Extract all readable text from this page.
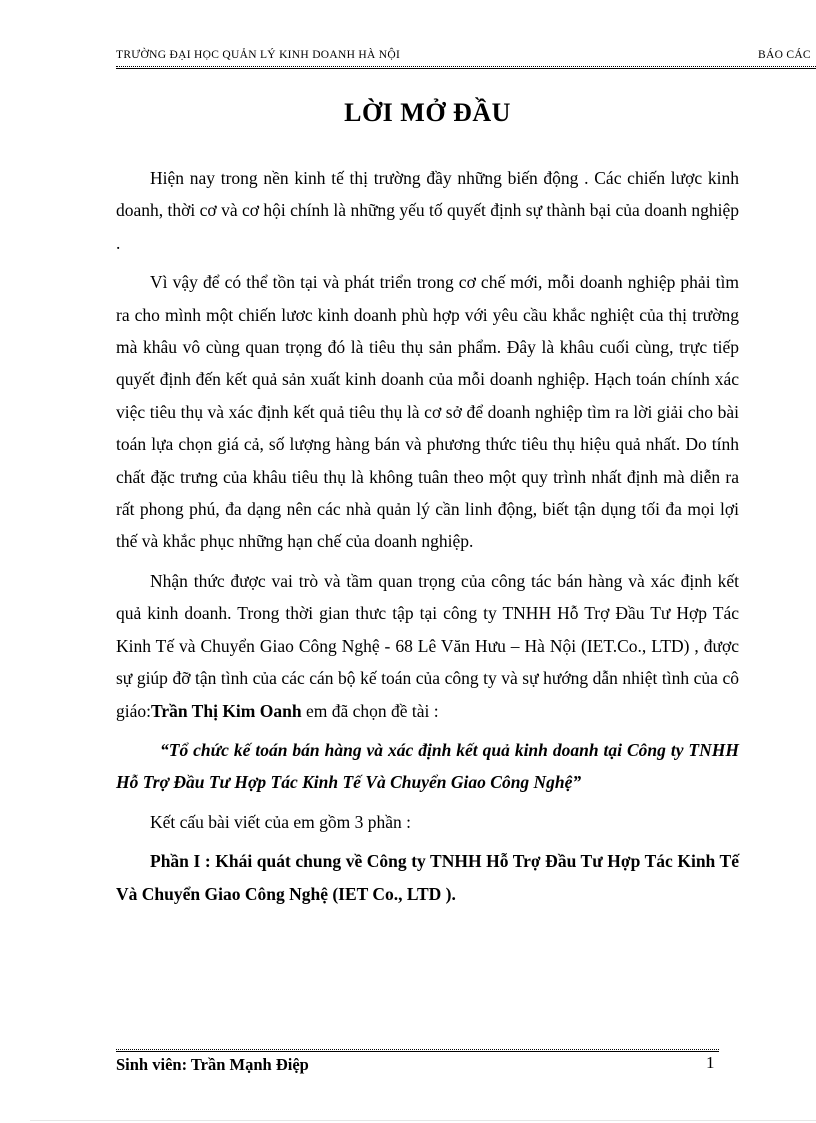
TRƯỜNG ĐẠI HỌC QUẢN LÝ KINH DOANH HÀ NỘI	BÁO CÁC
LỜI MỞ ĐẦU

Hiện nay trong nền kinh tế thị trường đầy những biến động . Các chiến lược kinh doanh, thời cơ và cơ hội chính là những yếu tố quyết định sự thành bại của doanh nghiệp .

Vì vậy để có thể tồn tại và phát triển trong cơ chế mới, mỗi doanh nghiệp phải tìm ra cho mình một chiến lươc kinh doanh phù hợp với yêu cầu khắc nghiệt của thị trường mà khâu vô cùng quan trọng đó là tiêu thụ sản phẩm. Đây là khâu cuối cùng, trực tiếp quyết định đến kết quả sản xuất kinh doanh của mỗi doanh nghiệp. Hạch toán chính xác việc tiêu thụ và xác định kết quả tiêu thụ là cơ sở để doanh nghiệp tìm ra lời giải cho bài toán lựa chọn giá cả, số lượng hàng bán và phương thức tiêu thụ hiệu quả nhất. Do tính chất đặc trưng của khâu tiêu thụ là không tuân theo một quy trình nhất định mà diễn ra rất phong phú, đa dạng nên các nhà quản lý cần linh động, biết tận dụng tối đa mọi lợi thế và khắc phục những hạn chế của doanh nghiệp.

Nhận thức được vai trò và tầm quan trọng của công tác bán hàng và xác định kết quả kinh doanh. Trong thời gian thưc tập tại công ty TNHH Hỗ Trợ Đầu Tư Hợp Tác Kinh Tế và Chuyển Giao Công Nghệ - 68 Lê Văn Hưu – Hà Nội (IET.Co., LTD) , được sự giúp đỡ tận tình của các cán bộ kế toán của công ty và sự hướng dẫn nhiệt tình của cô giáo:Trần Thị Kim Oanh em đã chọn đề tài :

“Tổ chức kế toán bán hàng và xác định kết quả kinh doanh tại Công ty TNHH Hỗ Trợ Đầu Tư Hợp Tác Kinh Tế Và Chuyển Giao Công Nghệ”

Kết cấu bài viết của em gồm 3 phần :

Phần I : Khái quát chung về Công ty TNHH Hỗ Trợ Đầu Tư Hợp Tác Kinh Tế Và Chuyển Giao Công Nghệ (IET Co., LTD ).

Sinh viên: Trần Mạnh Điệp	1
